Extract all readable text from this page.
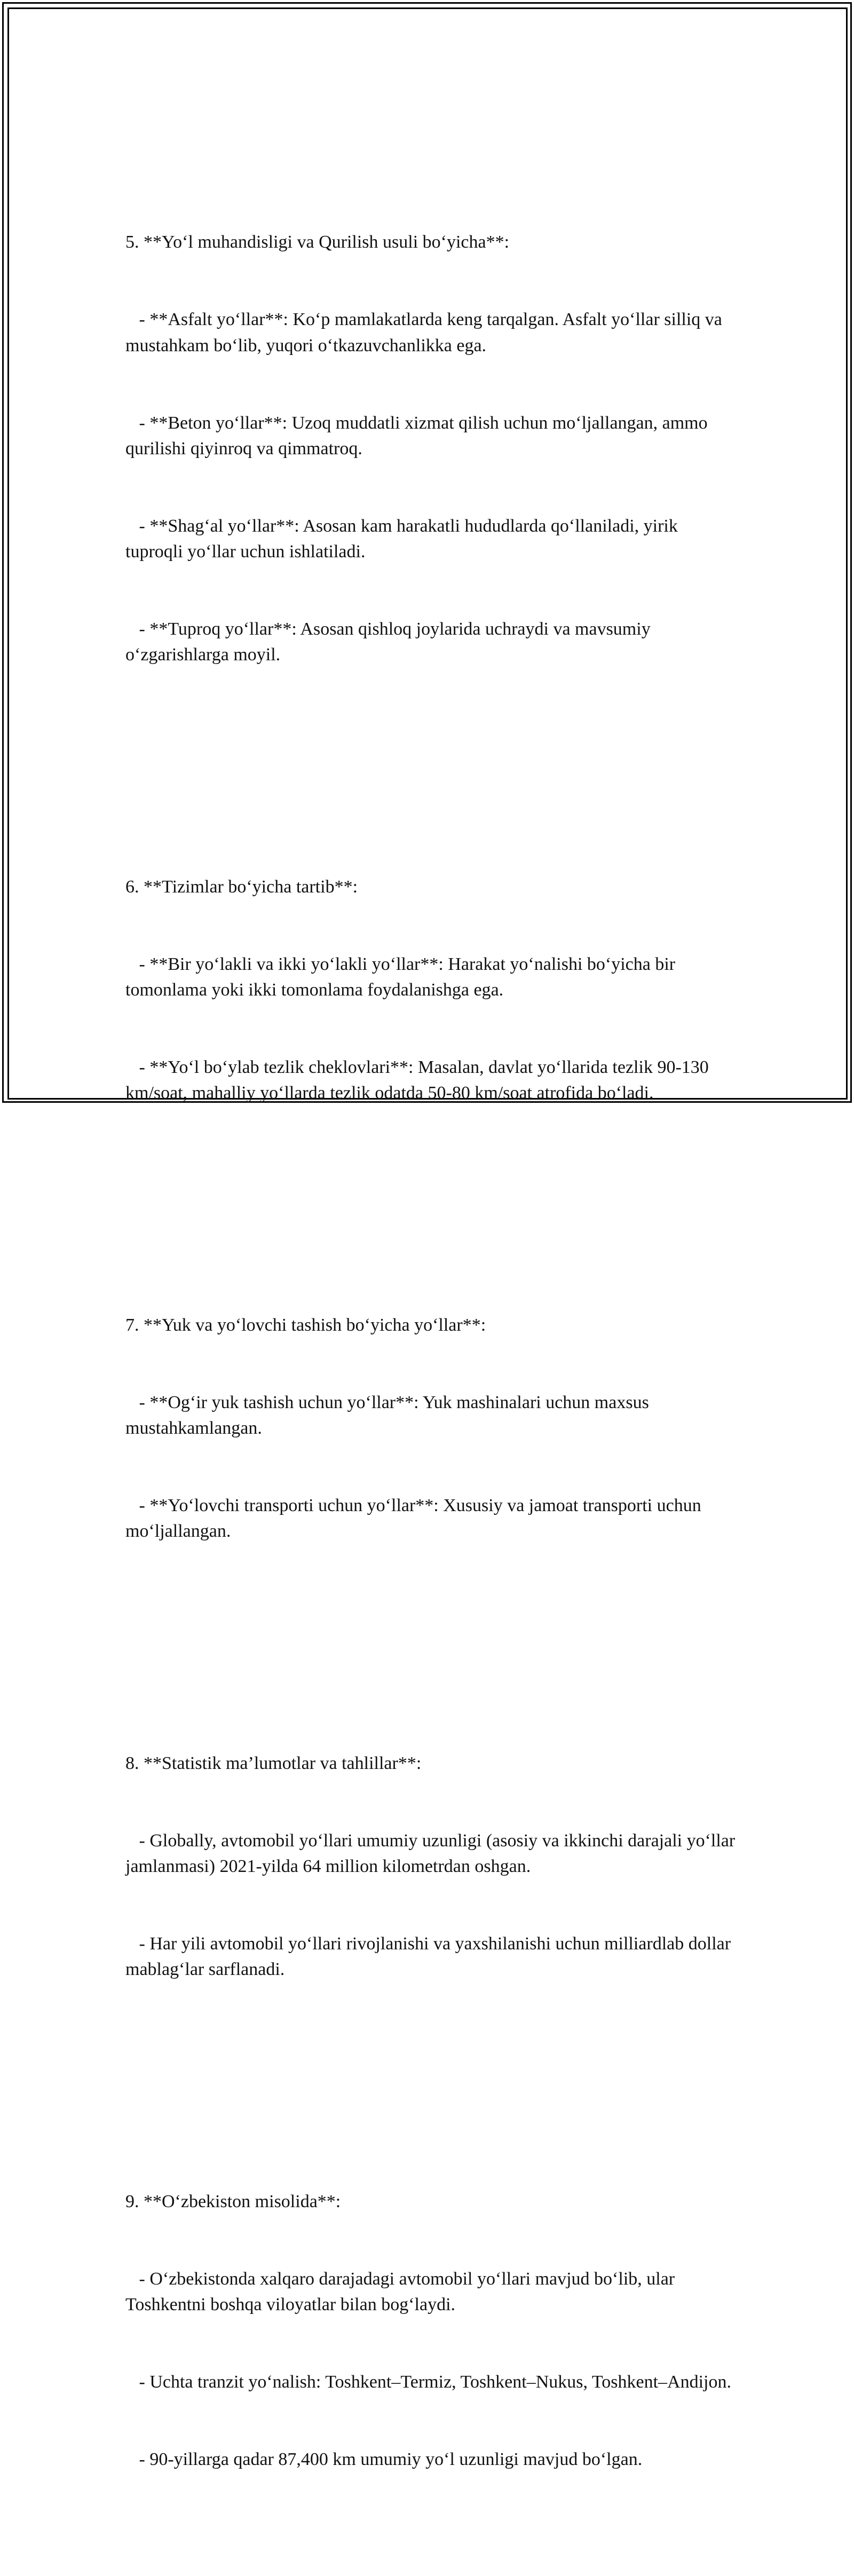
5. **Yo‘l muhandisligi va Qurilish usuli bo‘yicha**:

- **Asfalt yo‘llar**: Ko‘p mamlakatlarda keng tarqalgan. Asfalt yo‘llar silliq va mustahkam bo‘lib, yuqori o‘tkazuvchanlikka ega.

- **Beton yo‘llar**: Uzoq muddatli xizmat qilish uchun mo‘ljallangan, ammo qurilishi qiyinroq va qimmatroq.

- **Shag‘al yo‘llar**: Asosan kam harakatli hududlarda qo‘llaniladi, yirik tuproqli yo‘llar uchun ishlatiladi.

- **Tuproq yo‘llar**: Asosan qishloq joylarida uchraydi va mavsumiy o‘zgarishlarga moyil.

6. **Tizimlar bo‘yicha tartib**:

- **Bir yo‘lakli va ikki yo‘lakli yo‘llar**: Harakat yo‘nalishi bo‘yicha bir tomonlama yoki ikki tomonlama foydalanishga ega.

- **Yo‘l bo‘ylab tezlik cheklovlari**: Masalan, davlat yo‘llarida tezlik 90-130 km/soat, mahalliy yo‘llarda tezlik odatda 50-80 km/soat atrofida bo‘ladi.

7. **Yuk va yo‘lovchi tashish bo‘yicha yo‘llar**:

- **Og‘ir yuk tashish uchun yo‘llar**: Yuk mashinalari uchun maxsus mustahkamlangan.

- **Yo‘lovchi transporti uchun yo‘llar**: Xususiy va jamoat transporti uchun mo‘ljallangan.

8. **Statistik ma’lumotlar va tahlillar**:

- Globally, avtomobil yo‘llari umumiy uzunligi (asosiy va ikkinchi darajali yo‘llar jamlanmasi) 2021-yilda 64 million kilometrdan oshgan.

- Har yili avtomobil yo‘llari rivojlanishi va yaxshilanishi uchun milliardlab dollar mablag‘lar sarflanadi.

9. **O‘zbekiston misolida**:

- O‘zbekistonda xalqaro darajadagi avtomobil yo‘llari mavjud bo‘lib, ular Toshkentni boshqa viloyatlar bilan bog‘laydi.

- Uchta tranzit yo‘nalish: Toshkent–Termiz, Toshkent–Nukus, Toshkent–Andijon.

- 90-yillarga qadar 87,400 km umumiy yo‘l uzunligi mavjud bo‘lgan.
